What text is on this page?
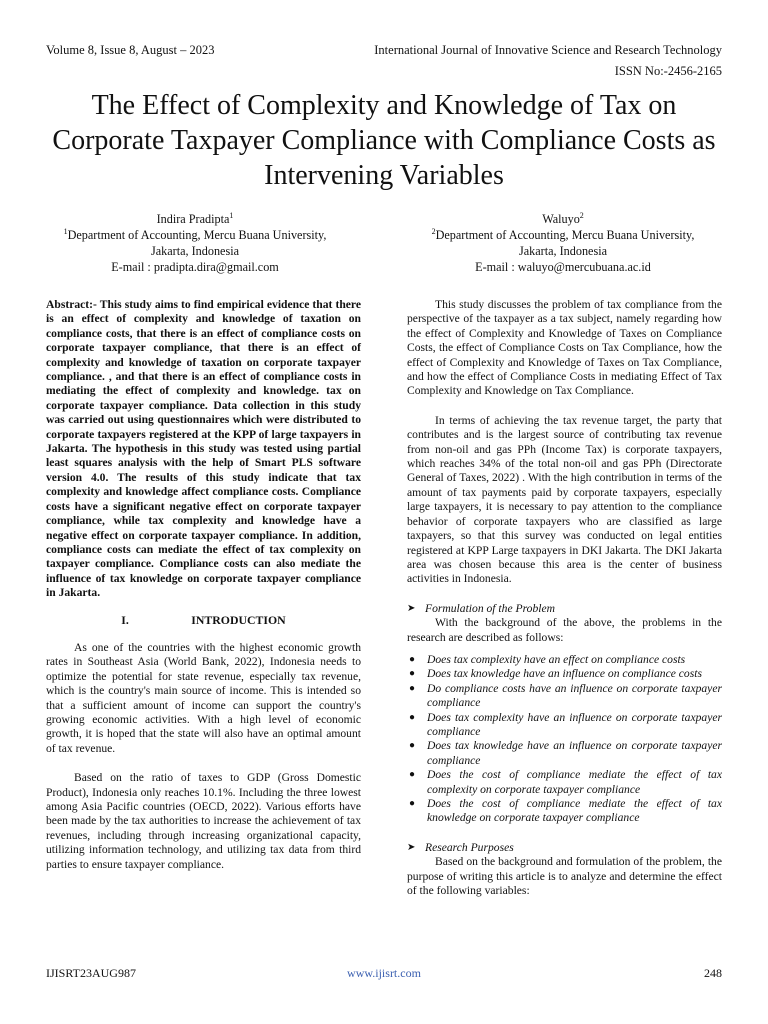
Volume 8, Issue 8, August – 2023	International Journal of Innovative Science and Research Technology
ISSN No:-2456-2165
The Effect of Complexity and Knowledge of Tax on Corporate Taxpayer Compliance with Compliance Costs as Intervening Variables
Indira Pradipta$^1$
$^1$Department of Accounting, Mercu Buana University,
Jakarta, Indonesia
E-mail : pradipta.dira@gmail.com
Waluyo$^2$
$^2$Department of Accounting, Mercu Buana University,
Jakarta, Indonesia
E-mail : waluyo@mercubuana.ac.id

Abstract:- This study aims to find empirical evidence that there is an effect of complexity and knowledge of taxation on compliance costs, that there is an effect of compliance costs on corporate taxpayer compliance, that there is an effect of complexity and knowledge of taxation on corporate taxpayer compliance. , and that there is an effect of compliance costs in mediating the effect of complexity and knowledge. tax on corporate taxpayer compliance. Data collection in this study was carried out using questionnaires which were distributed to corporate taxpayers registered at the KPP of large taxpayers in Jakarta. The hypothesis in this study was tested using partial least squares analysis with the help of Smart PLS software version 4.0. The results of this study indicate that tax complexity and knowledge affect compliance costs. Compliance costs have a significant negative effect on corporate taxpayer compliance, while tax complexity and knowledge have a negative effect on corporate taxpayer compliance. In addition, compliance costs can mediate the effect of tax complexity on taxpayer compliance. Compliance costs can also mediate the influence of tax knowledge on corporate taxpayer compliance in Jakarta.

I.	INTRODUCTION

As one of the countries with the highest economic growth rates in Southeast Asia (World Bank, 2022), Indonesia needs to optimize the potential for state revenue, especially tax revenue, which is the country's main source of income. This is intended so that a sufficient amount of income can support the country's growing economic activities. With a high level of economic growth, it is hoped that the state will also have an optimal amount of tax revenue.

Based on the ratio of taxes to GDP (Gross Domestic Product), Indonesia only reaches 10.1%. Including the three lowest among Asia Pacific countries (OECD, 2022). Various efforts have been made by the tax authorities to increase the achievement of tax revenues, including through increasing organizational capacity, utilizing information technology, and utilizing tax data from third parties to ensure taxpayer compliance.

This study discusses the problem of tax compliance from the perspective of the taxpayer as a tax subject, namely regarding how the effect of Complexity and Knowledge of Taxes on Compliance Costs, the effect of Compliance Costs on Tax Compliance, how the effect of Complexity and Knowledge of Taxes on Tax Compliance, and how the effect of Compliance Costs in mediating Effect of Tax Complexity and Knowledge on Tax Compliance.

In terms of achieving the tax revenue target, the party that contributes and is the largest source of contributing tax revenue from non-oil and gas PPh (Income Tax) is corporate taxpayers, which reaches 34% of the total non-oil and gas PPh (Directorate General of Taxes, 2022) . With the high contribution in terms of the amount of tax payments paid by corporate taxpayers, especially large taxpayers, it is necessary to pay attention to the compliance behavior of corporate taxpayers who are classified as large taxpayers, so that this survey was conducted on legal entities registered at KPP Large taxpayers in DKI Jakarta. The DKI Jakarta area was chosen because this area is the center of business activities in Indonesia.

➤ Formulation of the Problem

With the background of the above, the problems in the research are described as follows:

● Does tax complexity have an effect on compliance costs
● Does tax knowledge have an influence on compliance costs
● Do compliance costs have an influence on corporate taxpayer compliance
● Does tax complexity have an influence on corporate taxpayer compliance
● Does tax knowledge have an influence on corporate taxpayer compliance
● Does the cost of compliance mediate the effect of tax complexity on corporate taxpayer compliance
● Does the cost of compliance mediate the effect of tax knowledge on corporate taxpayer compliance
➤ Research Purposes

Based on the background and formulation of the problem, the purpose of writing this article is to analyze and determine the effect of the following variables:

IJISRT23AUG987	www.ijisrt.com	248
